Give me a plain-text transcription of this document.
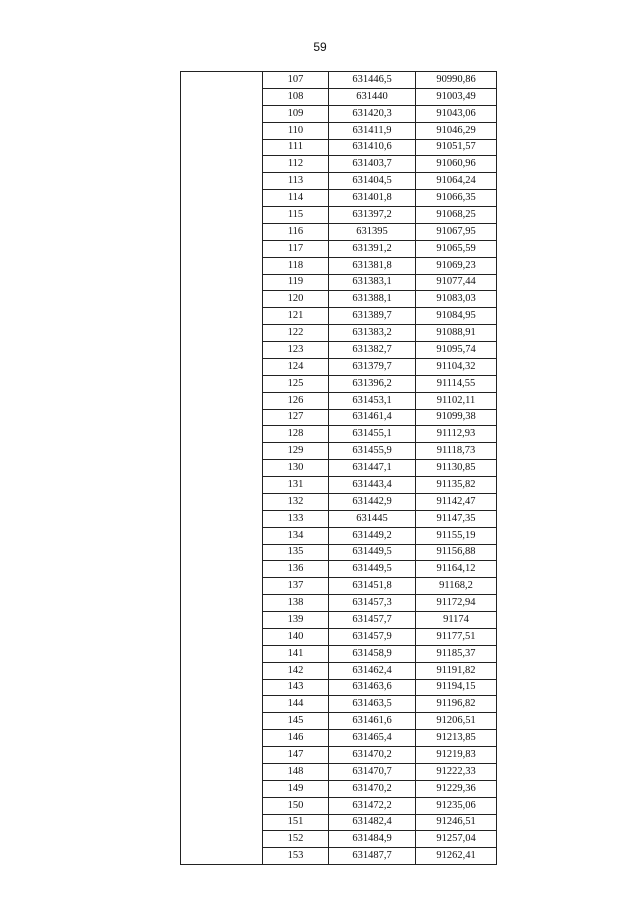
59
	107	631446,5	90990,86
	108	631440	91003,49
	109	631420,3	91043,06
	110	631411,9	91046,29
	111	631410,6	91051,57
	112	631403,7	91060,96
	113	631404,5	91064,24
	114	631401,8	91066,35
	115	631397,2	91068,25
	116	631395	91067,95
	117	631391,2	91065,59
	118	631381,8	91069,23
	119	631383,1	91077,44
	120	631388,1	91083,03
	121	631389,7	91084,95
	122	631383,2	91088,91
	123	631382,7	91095,74
	124	631379,7	91104,32
	125	631396,2	91114,55
	126	631453,1	91102,11
	127	631461,4	91099,38
	128	631455,1	91112,93
	129	631455,9	91118,73
	130	631447,1	91130,85
	131	631443,4	91135,82
	132	631442,9	91142,47
	133	631445	91147,35
	134	631449,2	91155,19
	135	631449,5	91156,88
	136	631449,5	91164,12
	137	631451,8	91168,2
	138	631457,3	91172,94
	139	631457,7	91174
	140	631457,9	91177,51
	141	631458,9	91185,37
	142	631462,4	91191,82
	143	631463,6	91194,15
	144	631463,5	91196,82
	145	631461,6	91206,51
	146	631465,4	91213,85
	147	631470,2	91219,83
	148	631470,7	91222,33
	149	631470,2	91229,36
	150	631472,2	91235,06
	151	631482,4	91246,51
	152	631484,9	91257,04
	153	631487,7	91262,41
